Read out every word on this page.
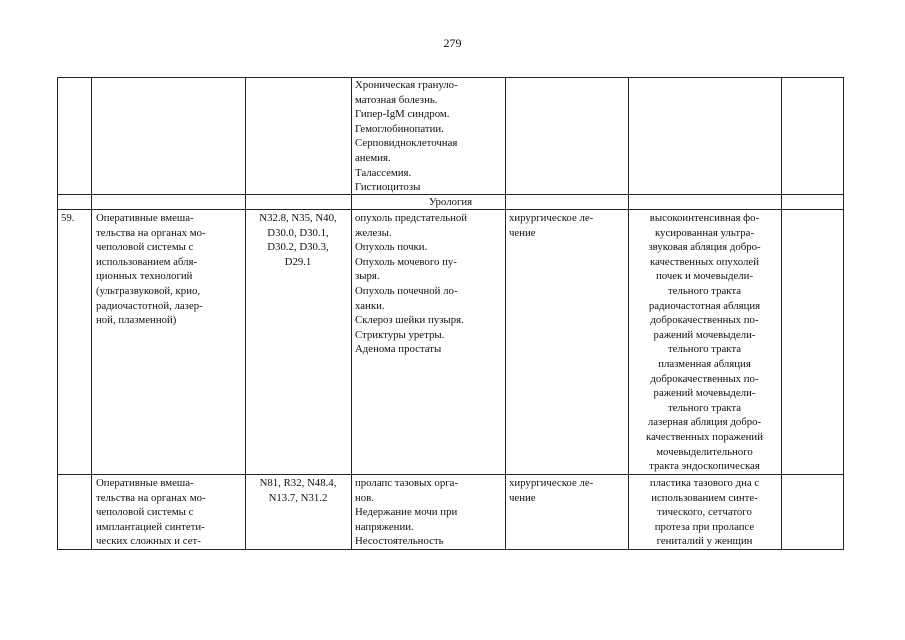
279
Хроническая грануло-
матозная болезнь.
Гипер-IgM синдром.
Гемоглобинопатии.
Серповидноклеточная
анемия.
Талассемия.
Гистиоцитозы
Урология
59. Оперативные вмеша-
тельства на органах мо-
чеполовой системы с
использованием абля-
ционных технологий
(ультразвуковой, крио,
радиочастотной, лазер-
ной, плазменной)
N32.8, N35, N40,
D30.0, D30.1,
D30.2, D30.3,
D29.1
опухоль предстательной
железы.
Опухоль почки.
Опухоль мочевого пу-
зыря.
Опухоль почечной ло-
ханки.
Склероз шейки пузыря.
Стриктуры уретры.
Аденома простаты
хирургическое ле-
чение
высокоинтенсивная фо-
кусированная ультра-
звуковая абляция добро-
качественных опухолей
почек и мочевыдели-
тельного тракта
радиочастотная абляция
доброкачественных по-
ражений мочевыдели-
тельного тракта
плазменная абляция
доброкачественных по-
ражений мочевыдели-
тельного тракта
лазерная абляция добро-
качественных поражений
мочевыделительного
тракта эндоскопическая
Оперативные вмеша-
тельства на органах мо-
чеполовой системы с
имплантацией синтети-
ческих сложных и сет-
N81, R32, N48.4,
N13.7, N31.2
пролапс тазовых орга-
нов.
Недержание мочи при
напряжении.
Несостоятельность
хирургическое ле-
чение
пластика тазового дна с
использованием синте-
тического, сетчатого
протеза при пролапсе
гениталий у женщин
